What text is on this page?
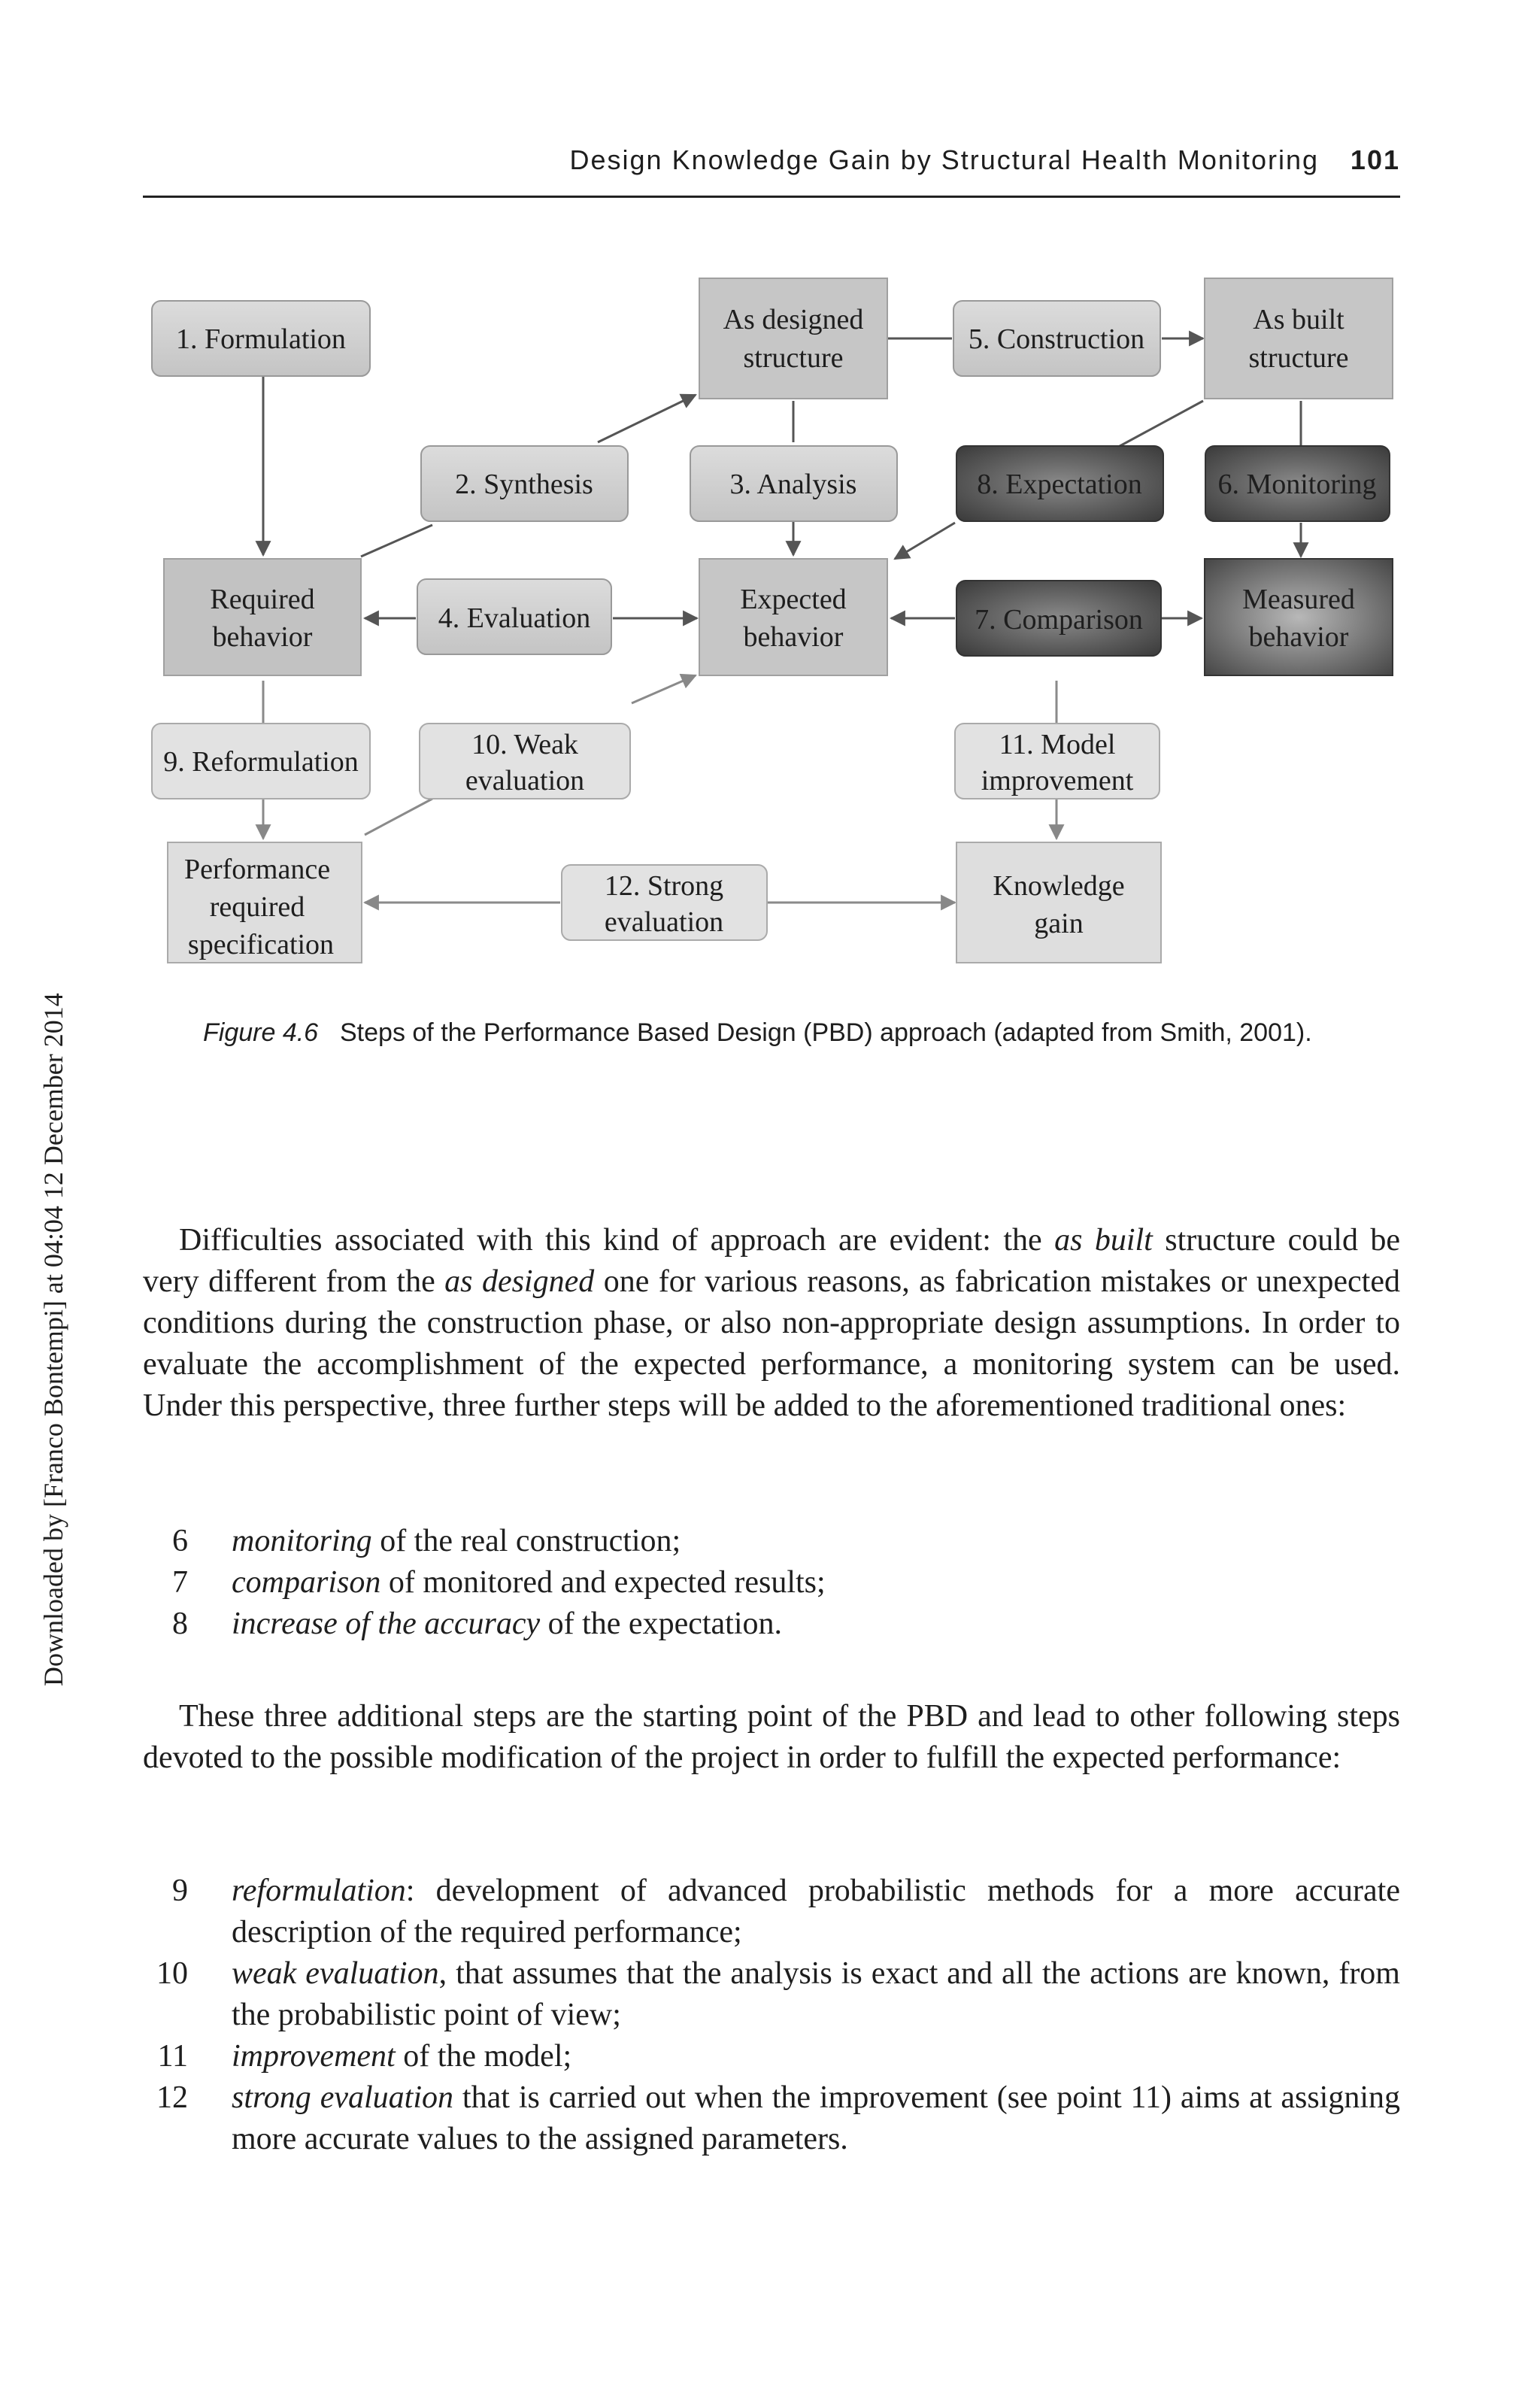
Design Knowledge Gain by Structural Health Monitoring 101
Downloaded by [Franco Bontempi] at 04:04 12 December 2014
1. Formulation
As designed
structure
5. Construction
As built
structure
2. Synthesis	3. Analysis	8. Expectation	6. Monitoring
Required
behavior
4. Evaluation
Expected
behavior
7. Comparison
Measured
behavior
9. Reformulation
10. Weak
evaluation
11. Model
improvement
Performance
required
specification
12. Strong
evaluation
Knowledge
gain
Figure 4.6 Steps of the Performance Based Design (PBD) approach (adapted from Smith, 2001).
Difficulties associated with this kind of approach are evident: the as built structure could be very different from the as designed one for various reasons, as fabrication mistakes or unexpected conditions during the construction phase, or also non-appropriate design assumptions. In order to evaluate the accomplishment of the expected performance, a monitoring system can be used. Under this perspective, three further steps will be added to the aforementioned traditional ones:
6 monitoring of the real construction;
7 comparison of monitored and expected results;
8 increase of the accuracy of the expectation.
These three additional steps are the starting point of the PBD and lead to other following steps devoted to the possible modification of the project in order to fulfill the expected performance:
9 reformulation: development of advanced probabilistic methods for a more accurate description of the required performance;
10 weak evaluation, that assumes that the analysis is exact and all the actions are known, from the probabilistic point of view;
11 improvement of the model;
12 strong evaluation that is carried out when the improvement (see point 11) aims at assigning more accurate values to the assigned parameters.
